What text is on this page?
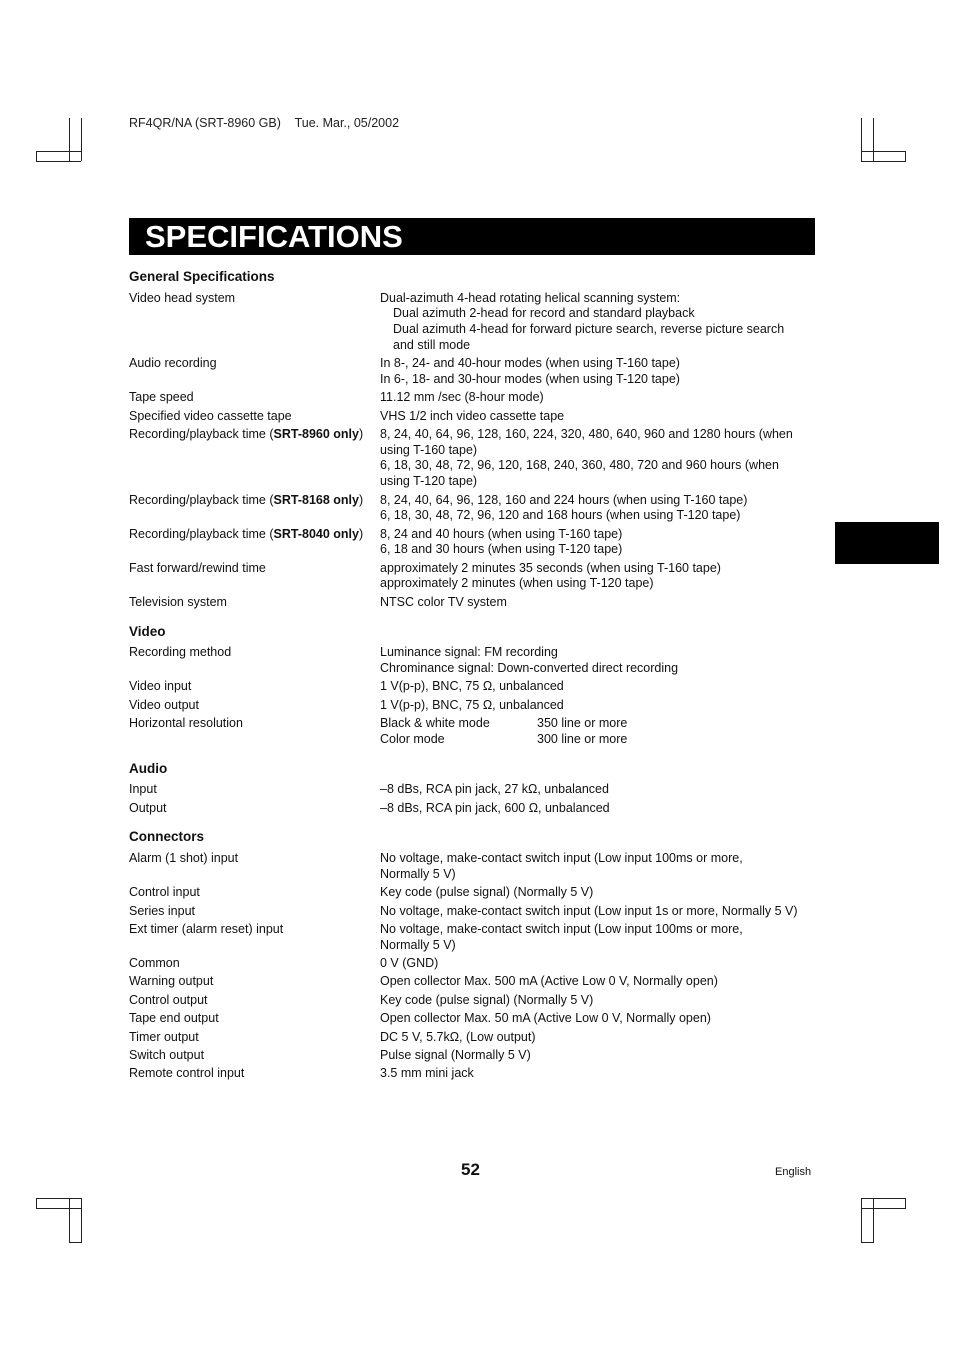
RF4QR/NA (SRT-8960 GB)    Tue. Mar., 05/2002
SPECIFICATIONS
General Specifications
Video head system	Dual-azimuth 4-head rotating helical scanning system:
Dual azimuth 2-head for record and standard playback
Dual azimuth 4-head for forward picture search, reverse picture search
and still mode
Audio recording	In 8-, 24- and 40-hour modes (when using T-160 tape)
In 6-, 18- and 30-hour modes (when using T-120 tape)
Tape speed	11.12 mm /sec (8-hour mode)
Specified video cassette tape	VHS 1/2 inch video cassette tape
Recording/playback time (SRT-8960 only)	8, 24, 40, 64, 96, 128, 160, 224, 320, 480, 640, 960 and 1280 hours (when
using T-160 tape)
6, 18, 30, 48, 72, 96, 120, 168, 240, 360, 480, 720 and 960 hours (when
using T-120 tape)
Recording/playback time (SRT-8168 only)	8, 24, 40, 64, 96, 128, 160 and 224 hours (when using T-160 tape)
6, 18, 30, 48, 72, 96, 120 and 168 hours (when using T-120 tape)
Recording/playback time (SRT-8040 only)	8, 24 and 40 hours (when using T-160 tape)
6, 18 and 30 hours (when using T-120 tape)
Fast forward/rewind time	approximately 2 minutes 35 seconds (when using T-160 tape)
approximately 2 minutes (when using T-120 tape)
Television system	NTSC color TV system
Video
Recording method	Luminance signal: FM recording
Chrominance signal: Down-converted direct recording
Video input	1 V(p-p), BNC, 75 Ω, unbalanced
Video output	1 V(p-p), BNC, 75 Ω, unbalanced
Horizontal resolution	Black & white mode	350 line or more
Color mode	300 line or more
Audio
Input	–8 dBs, RCA pin jack, 27 kΩ, unbalanced
Output	–8 dBs, RCA pin jack, 600 Ω, unbalanced
Connectors
Alarm (1 shot) input	No voltage, make-contact switch input (Low input 100ms or more,
Normally 5 V)
Control input	Key code (pulse signal) (Normally 5 V)
Series input	No voltage, make-contact switch input (Low input 1s or more, Normally 5 V)
Ext timer (alarm reset) input	No voltage, make-contact switch input (Low input 100ms or more,
Normally 5 V)
Common	0 V (GND)
Warning output	Open collector Max. 500 mA (Active Low 0 V, Normally open)
Control output	Key code (pulse signal) (Normally 5 V)
Tape end output	Open collector Max. 50 mA (Active Low 0 V, Normally open)
Timer output	DC 5 V, 5.7kΩ, (Low output)
Switch output	Pulse signal (Normally 5 V)
Remote control input	3.5 mm mini jack
52	English
